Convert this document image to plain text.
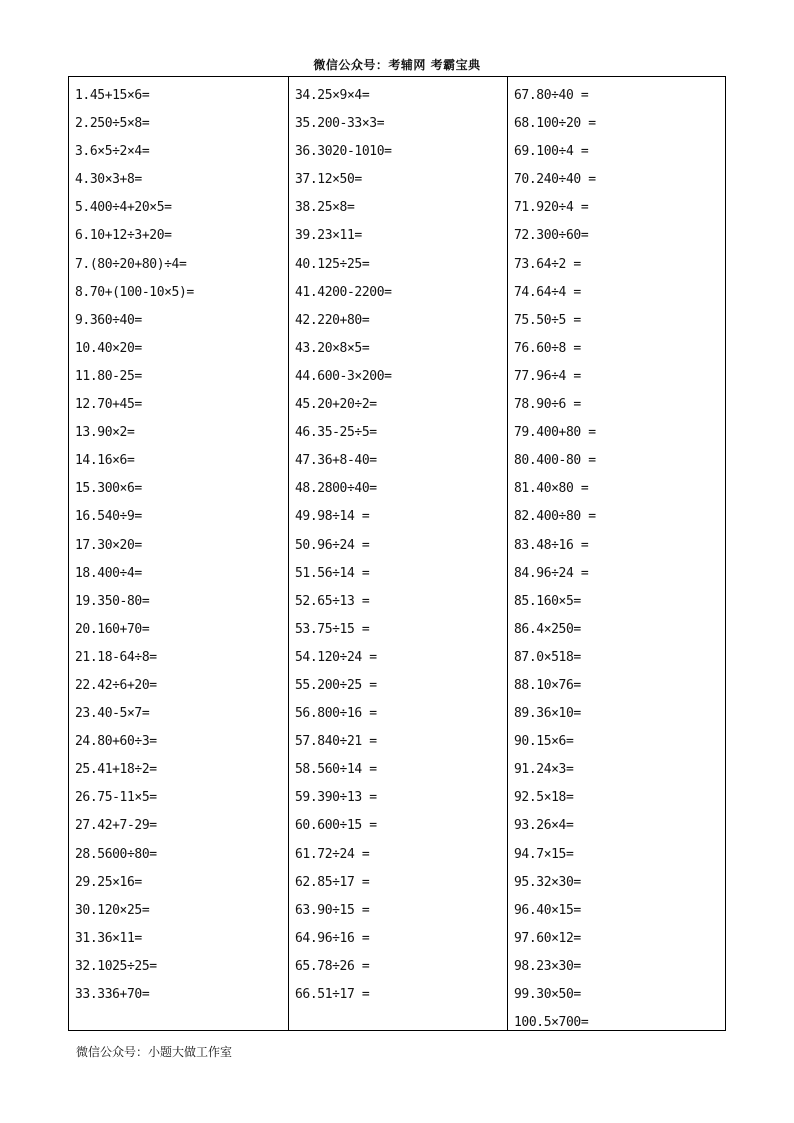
微信公众号：考辅网 考霸宝典
1.45+15×6=
2.250÷5×8=
3.6×5÷2×4=
4.30×3+8=
5.400÷4+20×5=
6.10+12÷3+20=
7.(80÷20+80)÷4=
8.70+(100-10×5)=
9.360÷40=
10.40×20=
11.80-25=
12.70+45=
13.90×2=
14.16×6=
15.300×6=
16.540÷9=
17.30×20=
18.400÷4=
19.350-80=
20.160+70=
21.18-64÷8=
22.42÷6+20=
23.40-5×7=
24.80+60÷3=
25.41+18÷2=
26.75-11×5=
27.42+7-29=
28.5600÷80=
29.25×16=
30.120×25=
31.36×11=
32.1025÷25=
33.336+70=
34.25×9×4=
35.200-33×3=
36.3020-1010=
37.12×50=
38.25×8=
39.23×11=
40.125÷25=
41.4200-2200=
42.220+80=
43.20×8×5=
44.600-3×200=
45.20+20÷2=
46.35-25÷5=
47.36+8-40=
48.2800÷40=
49.98÷14 =
50.96÷24 =
51.56÷14 =
52.65÷13 =
53.75÷15 =
54.120÷24 =
55.200÷25 =
56.800÷16 =
57.840÷21 =
58.560÷14 =
59.390÷13 =
60.600÷15 =
61.72÷24 =
62.85÷17 =
63.90÷15 =
64.96÷16 =
65.78÷26 =
66.51÷17 =
67.80÷40 =
68.100÷20 =
69.100÷4 =
70.240÷40 =
71.920÷4 =
72.300÷60=
73.64÷2 =
74.64÷4 =
75.50÷5 =
76.60÷8 =
77.96÷4 =
78.90÷6 =
79.400+80 =
80.400-80 =
81.40×80 =
82.400÷80 =
83.48÷16 =
84.96÷24 =
85.160×5=
86.4×250=
87.0×518=
88.10×76=
89.36×10=
90.15×6=
91.24×3=
92.5×18=
93.26×4=
94.7×15=
95.32×30=
96.40×15=
97.60×12=
98.23×30=
99.30×50=
100.5×700=
微信公众号：小题大做工作室
